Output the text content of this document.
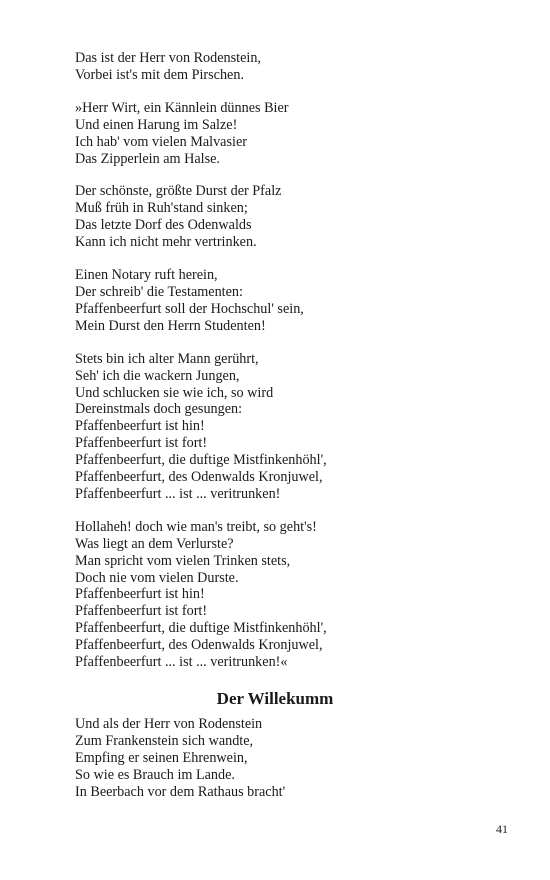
Das ist der Herr von Rodenstein,
Vorbei ist's mit dem Pirschen.
»Herr Wirt, ein Kännlein dünnes Bier
Und einen Harung im Salze!
Ich hab' vom vielen Malvasier
Das Zipperlein am Halse.
Der schönste, größte Durst der Pfalz
Muß früh in Ruh'stand sinken;
Das letzte Dorf des Odenwalds
Kann ich nicht mehr vertrinken.
Einen Notary ruft herein,
Der schreib' die Testamenten:
Pfaffenbeerfurt soll der Hochschul' sein,
Mein Durst den Herrn Studenten!
Stets bin ich alter Mann gerührt,
Seh' ich die wackern Jungen,
Und schlucken sie wie ich, so wird
Dereinstmals doch gesungen:
Pfaffenbeerfurt ist hin!
Pfaffenbeerfurt ist fort!
Pfaffenbeerfurt, die duftige Mistfinkenhöhl',
Pfaffenbeerfurt, des Odenwalds Kronjuwel,
Pfaffenbeerfurt ... ist ... veritrunken!
Hollaheh! doch wie man's treibt, so geht's!
Was liegt an dem Verlurste?
Man spricht vom vielen Trinken stets,
Doch nie vom vielen Durste.
Pfaffenbeerfurt ist hin!
Pfaffenbeerfurt ist fort!
Pfaffenbeerfurt, die duftige Mistfinkenhöhl',
Pfaffenbeerfurt, des Odenwalds Kronjuwel,
Pfaffenbeerfurt ... ist ... veritrunken!«
Der Willekumm
Und als der Herr von Rodenstein
Zum Frankenstein sich wandte,
Empfing er seinen Ehrenwein,
So wie es Brauch im Lande.
In Beerbach vor dem Rathaus bracht'
41
